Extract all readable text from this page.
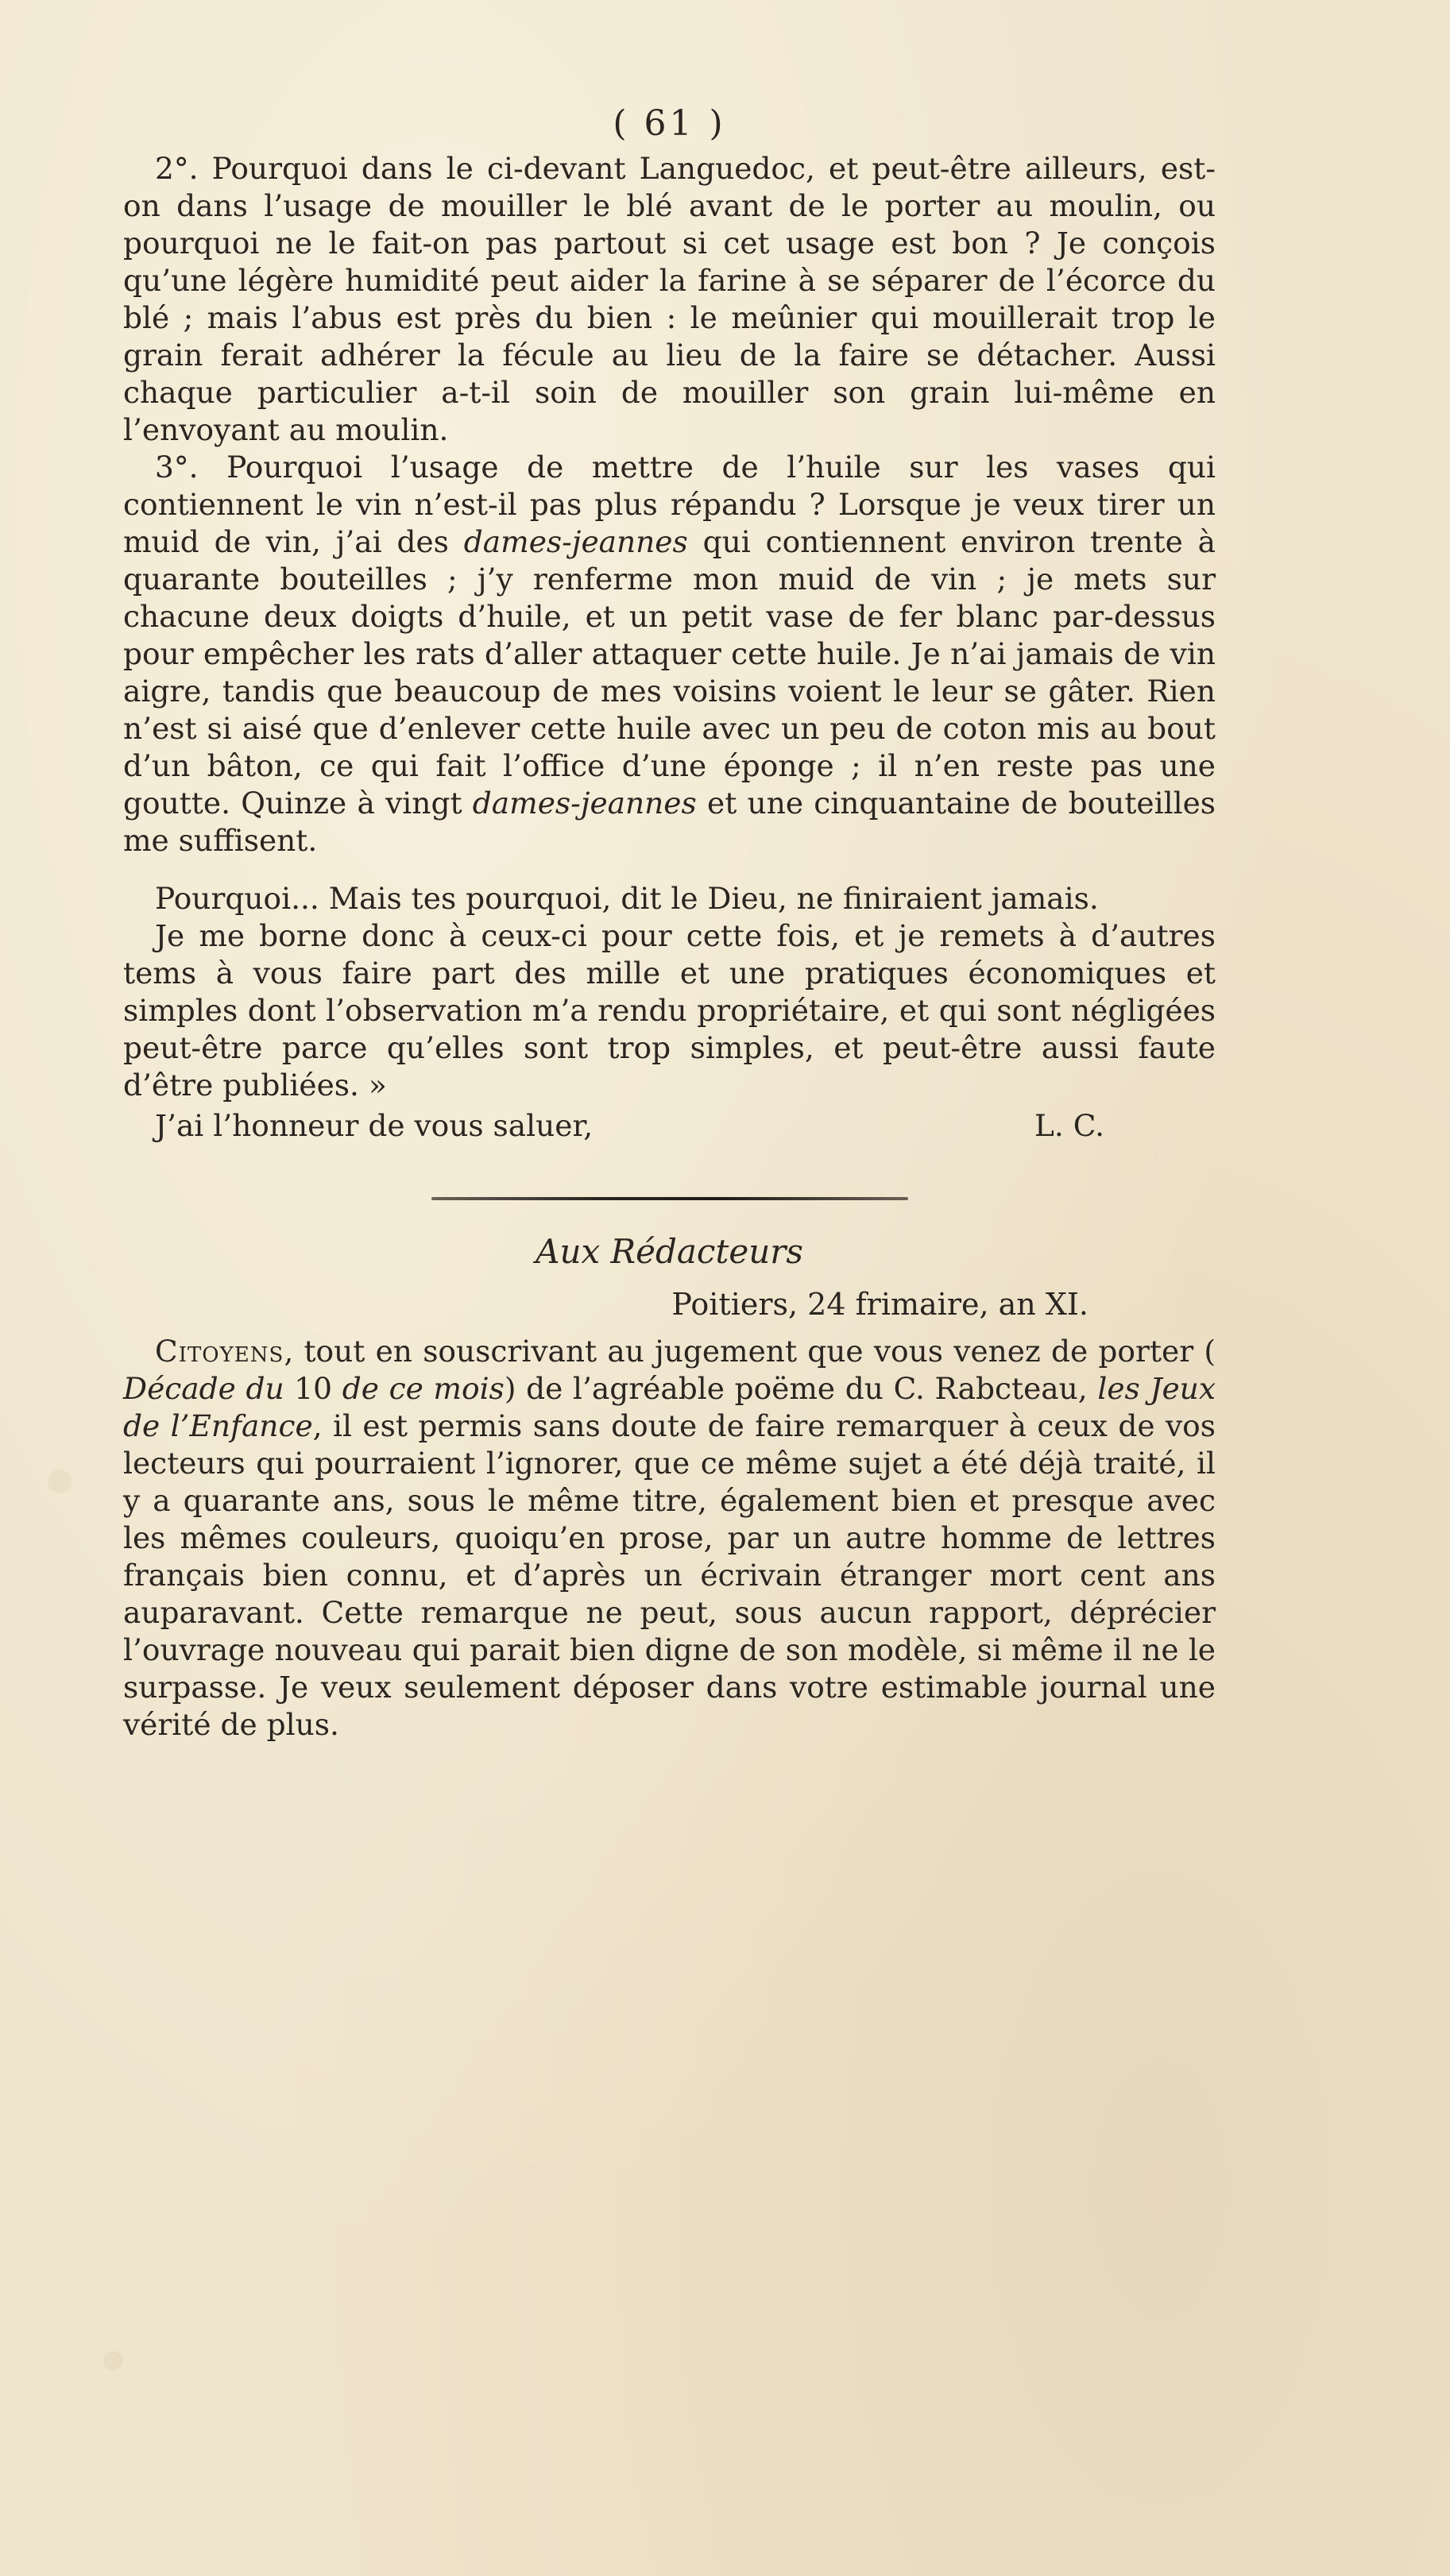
( 61 )

2°. Pourquoi dans le ci-devant Languedoc, et peut-être ailleurs, est-on dans l’usage de mouiller le blé avant de le porter au moulin, ou pourquoi ne le fait-on pas partout si cet usage est bon ? Je conçois qu’une légère humidité peut aider la farine à se séparer de l’écorce du blé ; mais l’abus est près du bien : le meûnier qui mouillerait trop le grain ferait adhérer la fécule au lieu de la faire se détacher. Aussi chaque particulier a-t-il soin de mouiller son grain lui-même en l’envoyant au moulin.

3°. Pourquoi l’usage de mettre de l’huile sur les vases qui contiennent le vin n’est-il pas plus répandu ? Lorsque je veux tirer un muid de vin, j’ai des dames-jeannes qui contiennent environ trente à quarante bouteilles ; j’y renferme mon muid de vin ; je mets sur chacune deux doigts d’huile, et un petit vase de fer blanc par-dessus pour empêcher les rats d’aller attaquer cette huile. Je n’ai jamais de vin aigre, tandis que beaucoup de mes voisins voient le leur se gâter. Rien n’est si aisé que d’enlever cette huile avec un peu de coton mis au bout d’un bâton, ce qui fait l’office d’une éponge ; il n’en reste pas une goutte. Quinze à vingt dames-jeannes et une cinquantaine de bouteilles me suffisent.

Pourquoi... Mais tes pourquoi, dit le Dieu, ne finiraient jamais.

Je me borne donc à ceux-ci pour cette fois, et je remets à d’autres tems à vous faire part des mille et une pratiques économiques et simples dont l’observation m’a rendu propriétaire, et qui sont négligées peut-être parce qu’elles sont trop simples, et peut-être aussi faute d’être publiées. »

J’ai l’honneur de vous saluer,	L. C.
Aux Rédacteurs
Poitiers, 24 frimaire, an XI.

Citoyens, tout en souscrivant au jugement que vous venez de porter ( Décade du 10 de ce mois) de l’agréable poëme du C. Rabcteau, les Jeux de l’Enfance, il est permis sans doute de faire remarquer à ceux de vos lecteurs qui pourraient l’ignorer, que ce même sujet a été déjà traité, il y a quarante ans, sous le même titre, également bien et presque avec les mêmes couleurs, quoiqu’en prose, par un autre homme de lettres français bien connu, et d’après un écrivain étranger mort cent ans auparavant. Cette remarque ne peut, sous aucun rapport, déprécier l’ouvrage nouveau qui parait bien digne de son modèle, si même il ne le surpasse. Je veux seulement déposer dans votre estimable journal une vérité de plus.
